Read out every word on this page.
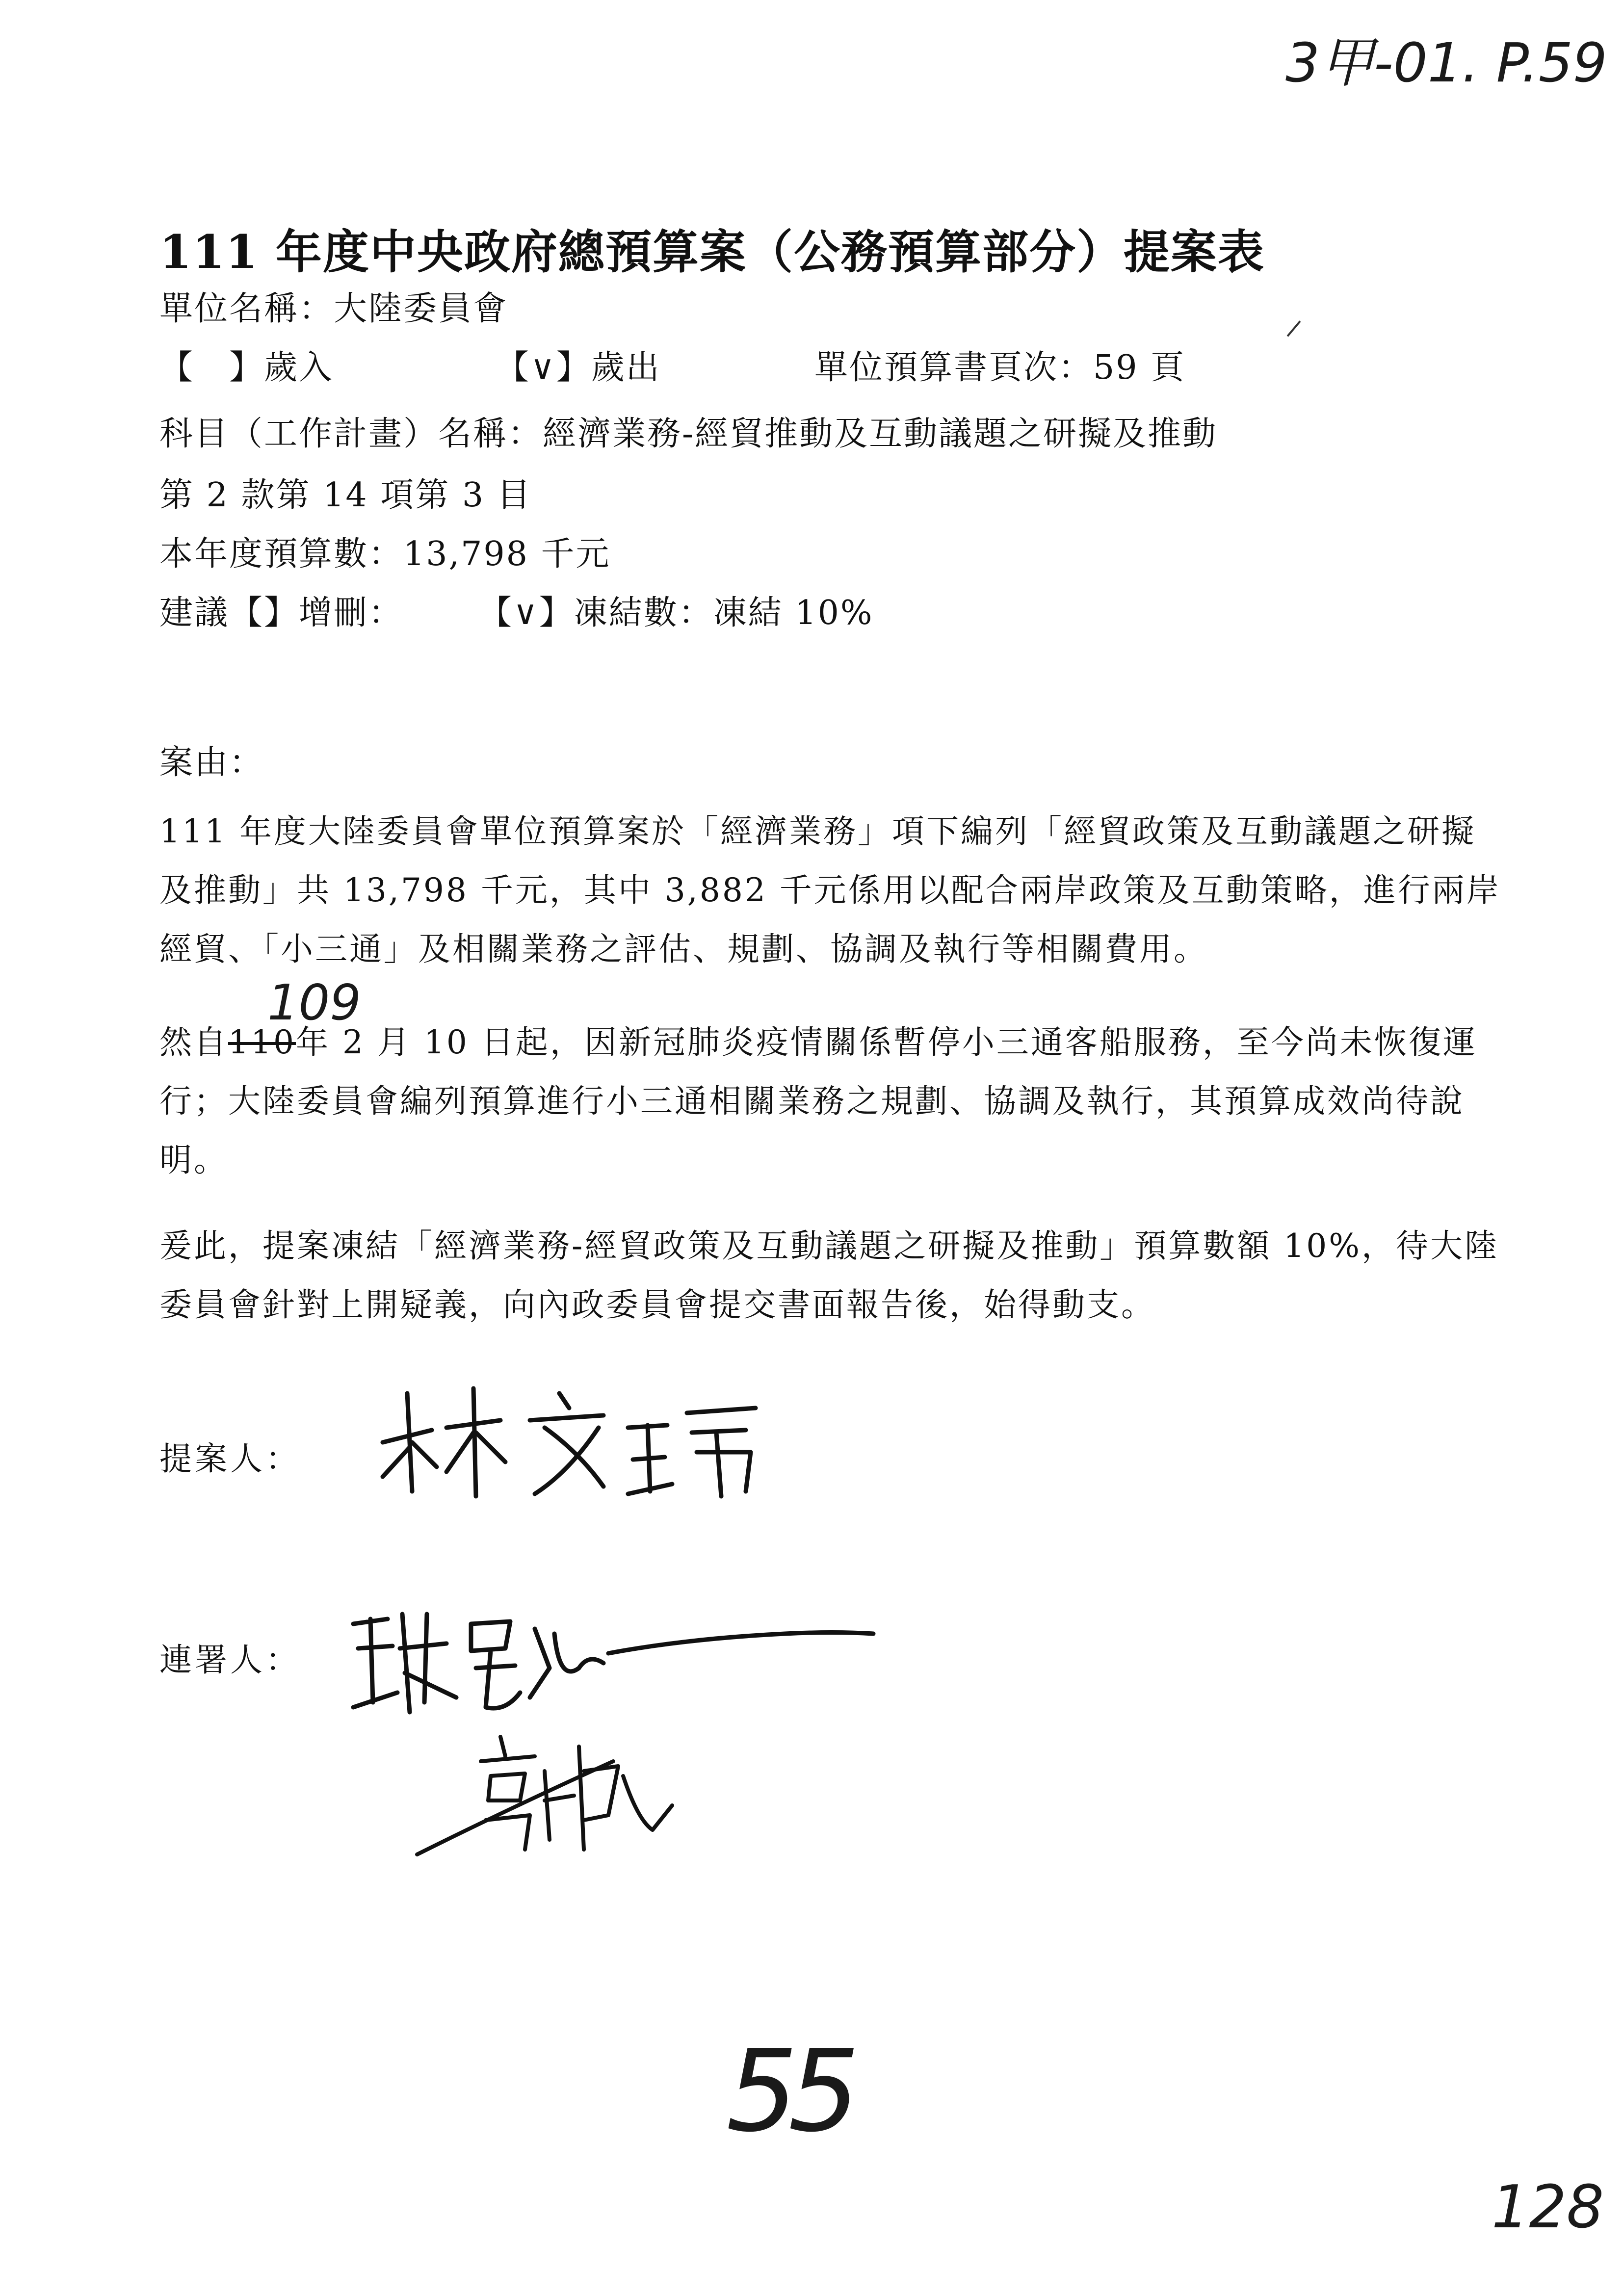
3甲-01. P.59
111 年度中央政府總預算案（公務預算部分）提案表
單位名稱：大陸委員會
【　】歲入	【∨】歲出	單位預算書頁次：59 頁
科目（工作計畫）名稱：經濟業務-經貿推動及互動議題之研擬及推動
第 2 款第 14 項第 3 目
本年度預算數：13,798 千元
建議【】增刪： 【∨】凍結數：凍結 10%
案由：
111 年度大陸委員會單位預算案於「經濟業務」項下編列「經貿政策及互動議題之研擬及推動」共 13,798 千元，其中 3,882 千元係用以配合兩岸政策及互動策略，進行兩岸經貿、「小三通」及相關業務之評估、規劃、協調及執行等相關費用。
109
然自110年 2 月 10 日起，因新冠肺炎疫情關係暫停小三通客船服務，至今尚未恢復運行；大陸委員會編列預算進行小三通相關業務之規劃、協調及執行，其預算成效尚待說明。
爰此，提案凍結「經濟業務-經貿政策及互動議題之研擬及推動」預算數額 10%，待大陸委員會針對上開疑義，向內政委員會提交書面報告後，始得動支。
提案人：
連署人：
55
128
